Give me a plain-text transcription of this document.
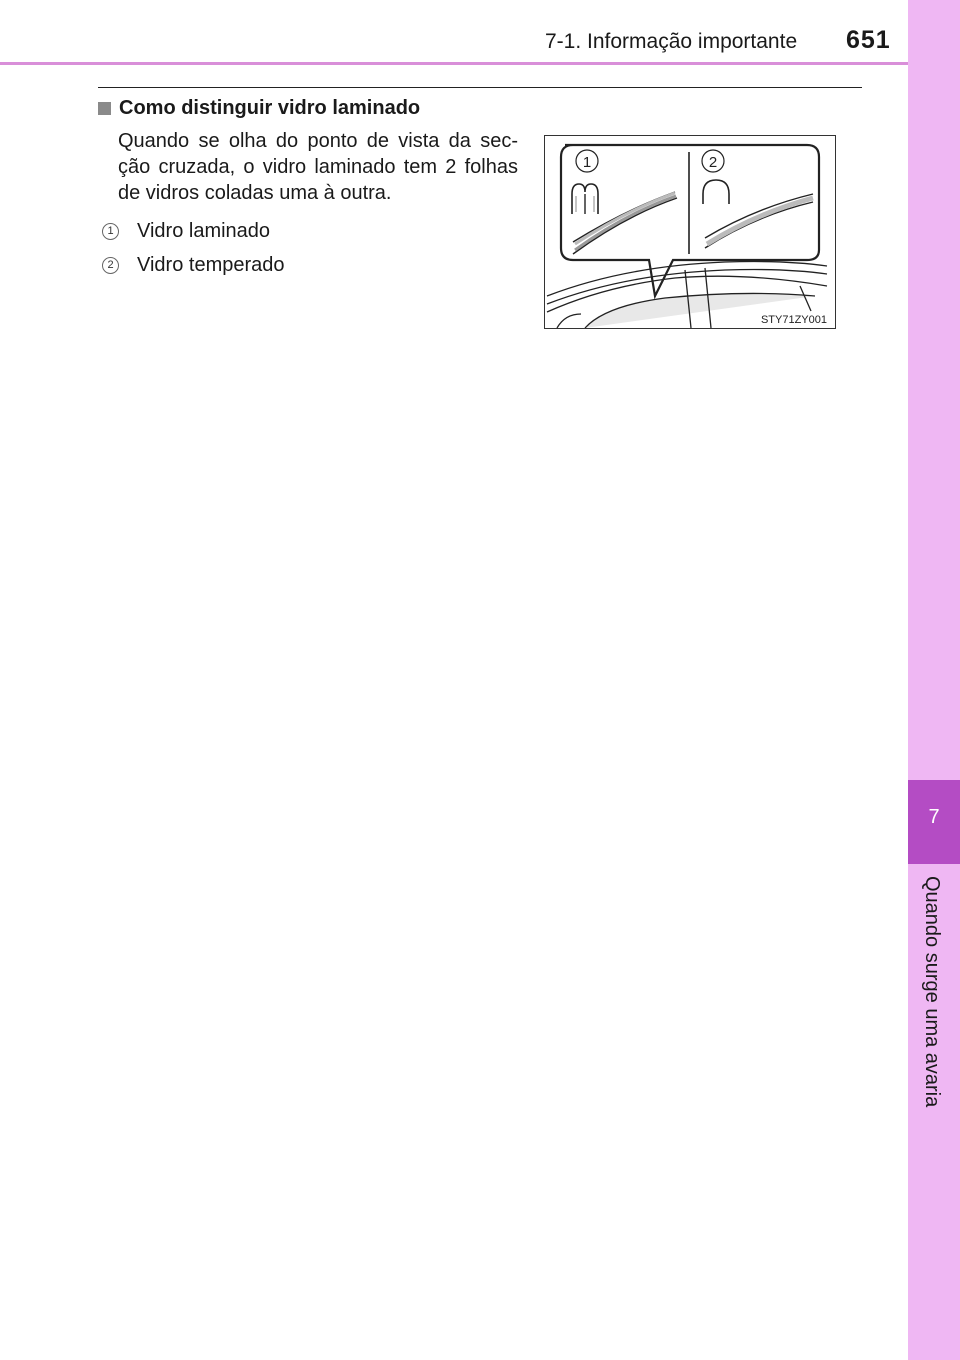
7-1. Informação importante 651
7
Quando surge uma avaria
Como distinguir vidro laminado
Quando se olha do ponto de vista da sec-ção cruzada, o vidro laminado tem 2 folhas de vidros coladas uma à outra.
1 Vidro laminado
2 Vidro temperado
1	2
STY71ZY001
